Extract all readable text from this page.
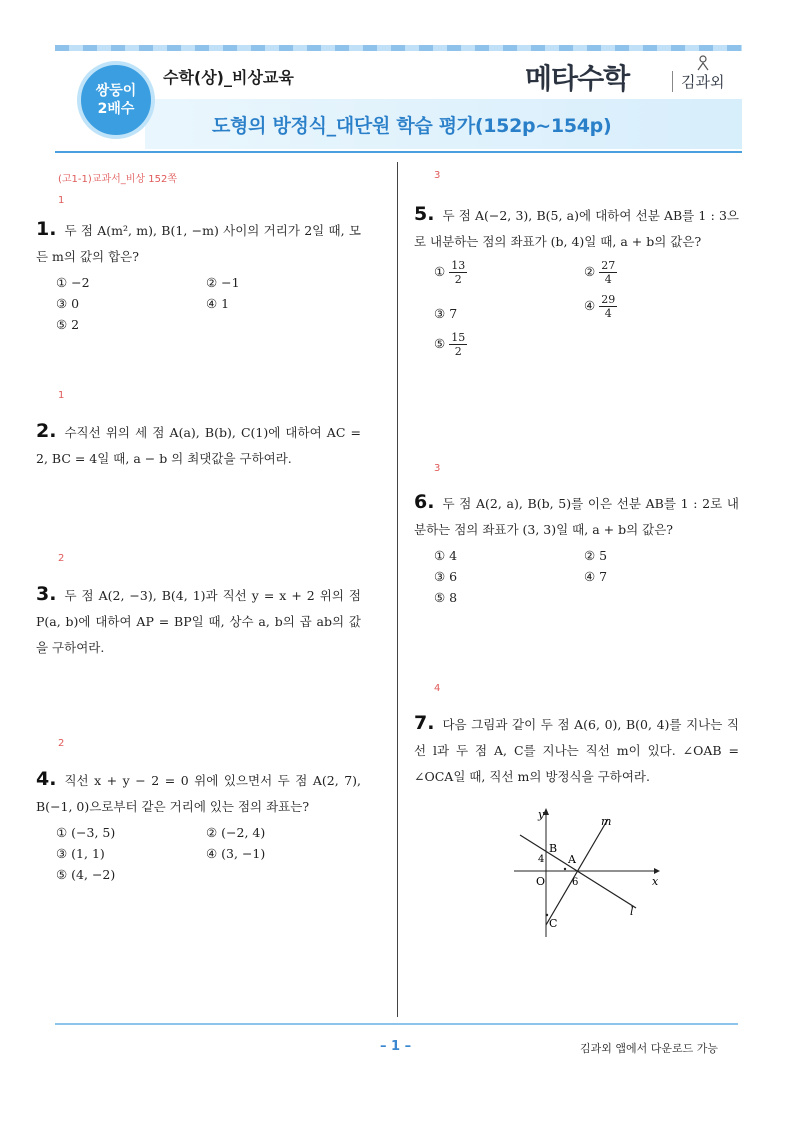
쌍둥이
2배수
수학(상)_비상교육
도형의 방정식_대단원 학습 평가(152p~154p)
메타수학	김과외
(고1-1)교과서_비상 152쪽
1
1. 두 점 A(m², m), B(1, −m) 사이의 거리가 2일 때, 모든 m의 값의 합은?
① −2	② −1
③ 0	④ 1
⑤ 2
1
2. 수직선 위의 세 점 A(a), B(b), C(1)에 대하여 AC = 2, BC = 4일 때, a − b 의 최댓값을 구하여라.
2
3. 두 점 A(2, −3), B(4, 1)과 직선 y = x + 2 위의 점 P(a, b)에 대하여 AP = BP일 때, 상수 a, b의 곱 ab의 값을 구하여라.
2
4. 직선 x + y − 2 = 0 위에 있으면서 두 점 A(2, 7), B(−1, 0)으로부터 같은 거리에 있는 점의 좌표는?
① (−3, 5)	② (−2, 4)
③ (1, 1)	④ (3, −1)
⑤ (4, −2)
3
5. 두 점 A(−2, 3), B(5, a)에 대하여 선분 AB를 1 : 3으로 내분하는 점의 좌표가 (b, 4)일 때, a + b의 값은?
① $\frac{13}{2}$	② $\frac{27}{4}$
③ 7
④ $\frac{29}{4}$
⑤ $\frac{15}{2}$
3
6. 두 점 A(2, a), B(b, 5)를 이은 선분 AB를 1 : 2로 내분하는 점의 좌표가 (3, 3)일 때, a + b의 값은?
① 4	② 5
③ 6	④ 7
⑤ 8
4
7. 다음 그림과 같이 두 점 A(6, 0), B(0, 4)를 지나는 직선 l과 두 점 A, C를 지나는 직선 m이 있다. ∠OAB = ∠OCA일 때, 직선 m의 방정식을 구하여라.
y
x
O
4
6
B
A
C
l
m
– 1 –	김과외 앱에서 다운로드 가능
